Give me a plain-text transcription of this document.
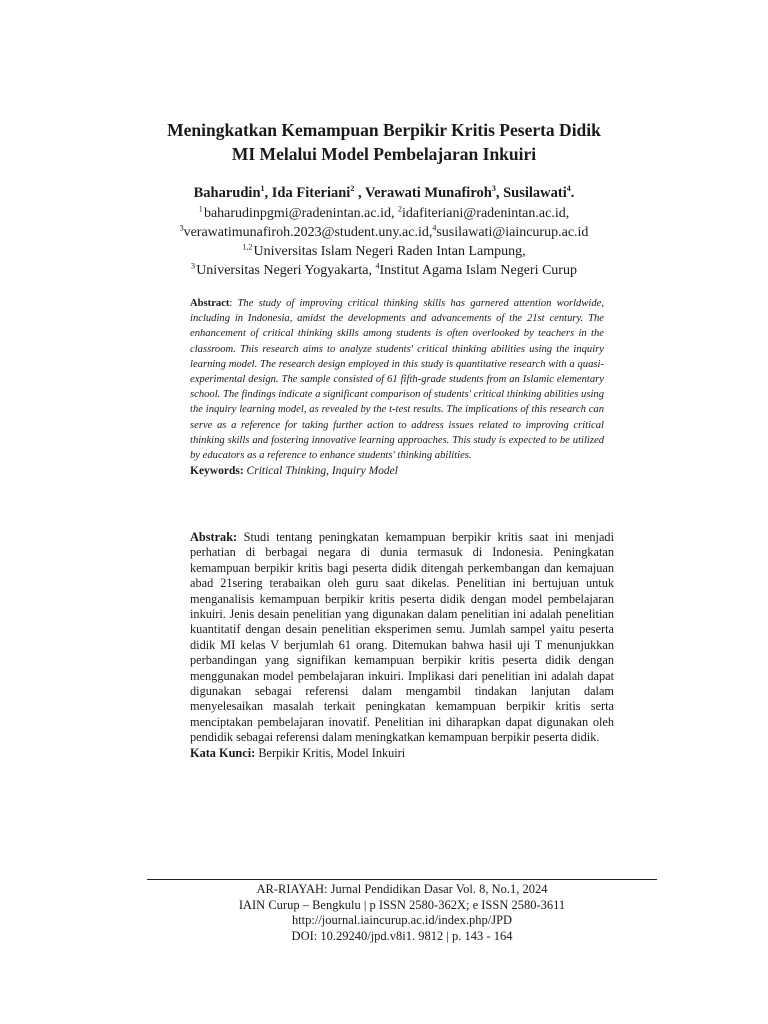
Meningkatkan Kemampuan Berpikir Kritis Peserta Didik
MI Melalui Model Pembelajaran Inkuiri
Baharudin$^1$, Ida Fiteriani$^2$ , Verawati Munafiroh$^3$, Susilawati$^4$.
$^1$ baharudinpgmi@radenintan.ac.id, $^2$idafiteriani@radenintan.ac.id,
$^3$verawatimunafiroh.2023@student.uny.ac.id,$^4$susilawati@iaincurup.ac.id
$^{1,2}$ Universitas Islam Negeri Raden Intan Lampung,
$^3$ Universitas Negeri Yogyakarta, $^4$Institut Agama Islam Negeri Curup
Abstract: The study of improving critical thinking skills has garnered attention worldwide, including in Indonesia, amidst the developments and advancements of the 21st century. The enhancement of critical thinking skills among students is often overlooked by teachers in the classroom. This research aims to analyze students' critical thinking abilities using the inquiry learning model. The research design employed in this study is quantitative research with a quasi-experimental design. The sample consisted of 61 fifth-grade students from an Islamic elementary school. The findings indicate a significant comparison of students' critical thinking abilities using the inquiry learning model, as revealed by the t-test results. The implications of this research can serve as a reference for taking further action to address issues related to improving critical thinking skills and fostering innovative learning approaches. This study is expected to be utilized by educators as a reference to enhance students' thinking abilities.
Keywords: Critical Thinking, Inquiry Model
Abstrak: Studi tentang peningkatan kemampuan berpikir kritis saat ini menjadi perhatian di berbagai negara di dunia termasuk di Indonesia. Peningkatan kemampuan berpikir kritis bagi peserta didik ditengah perkembangan dan kemajuan abad 21sering terabaikan oleh guru saat dikelas. Penelitian ini bertujuan untuk menganalisis kemampuan berpikir kritis peserta didik dengan model pembelajaran inkuiri. Jenis desain penelitian yang digunakan dalam penelitian ini adalah penelitian kuantitatif dengan desain penelitian eksperimen semu. Jumlah sampel yaitu peserta didik MI kelas V berjumlah 61 orang. Ditemukan bahwa hasil uji T menunjukkan perbandingan yang signifikan kemampuan berpikir kritis peserta didik dengan menggunakan model pembelajaran inkuiri. Implikasi dari penelitian ini adalah dapat digunakan sebagai referensi dalam mengambil tindakan lanjutan dalam menyelesaikan masalah terkait peningkatan kemampuan berpikir kritis serta menciptakan pembelajaran inovatif. Penelitian ini diharapkan dapat digunakan oleh pendidik sebagai referensi dalam meningkatkan kemampuan berpikir peserta didik.
Kata Kunci: Berpikir Kritis, Model Inkuiri
AR-RIAYAH: Jurnal Pendidikan Dasar Vol. 8, No.1, 2024
IAIN Curup – Bengkulu | p ISSN 2580-362X; e ISSN 2580-3611
http://journal.iaincurup.ac.id/index.php/JPD
DOI: 10.29240/jpd.v8i1. 9812 | p. 143 - 164
